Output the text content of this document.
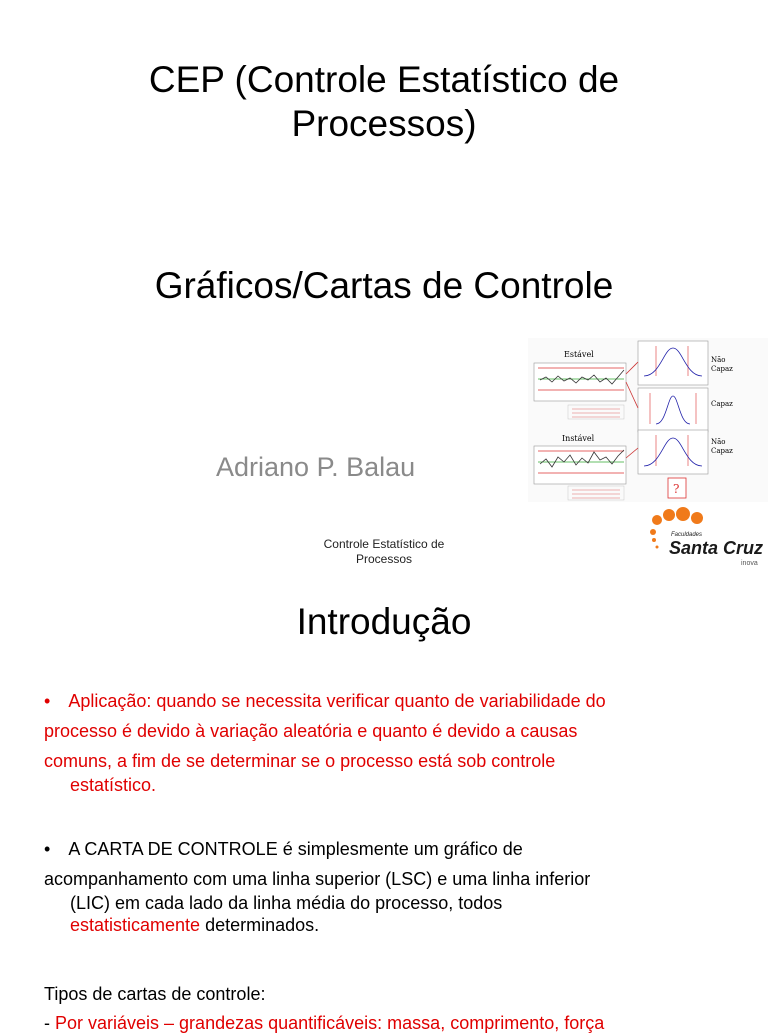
CEP (Controle Estatístico de
Processos)
Gráficos/Cartas de Controle
Adriano P. Balau
Controle Estatístico de
Processos
Estável
Não
Capaz
Capaz
Instável	Não
Capaz
?
Faculdades
Santa Cruz
inova
Introdução
• Aplicação: quando se necessita verificar quanto de variabilidade do
processo é devido à variação aleatória e quanto é devido a causas
comuns, a fim de se determinar se o processo está sob controle
estatístico.
• A CARTA DE CONTROLE é simplesmente um gráfico de
acompanhamento com uma linha superior (LSC) e uma linha inferior
(LIC) em cada lado da linha média do processo, todos
estatisticamente determinados.
Tipos de cartas de controle:
- Por variáveis – grandezas quantificáveis: massa, comprimento, força
